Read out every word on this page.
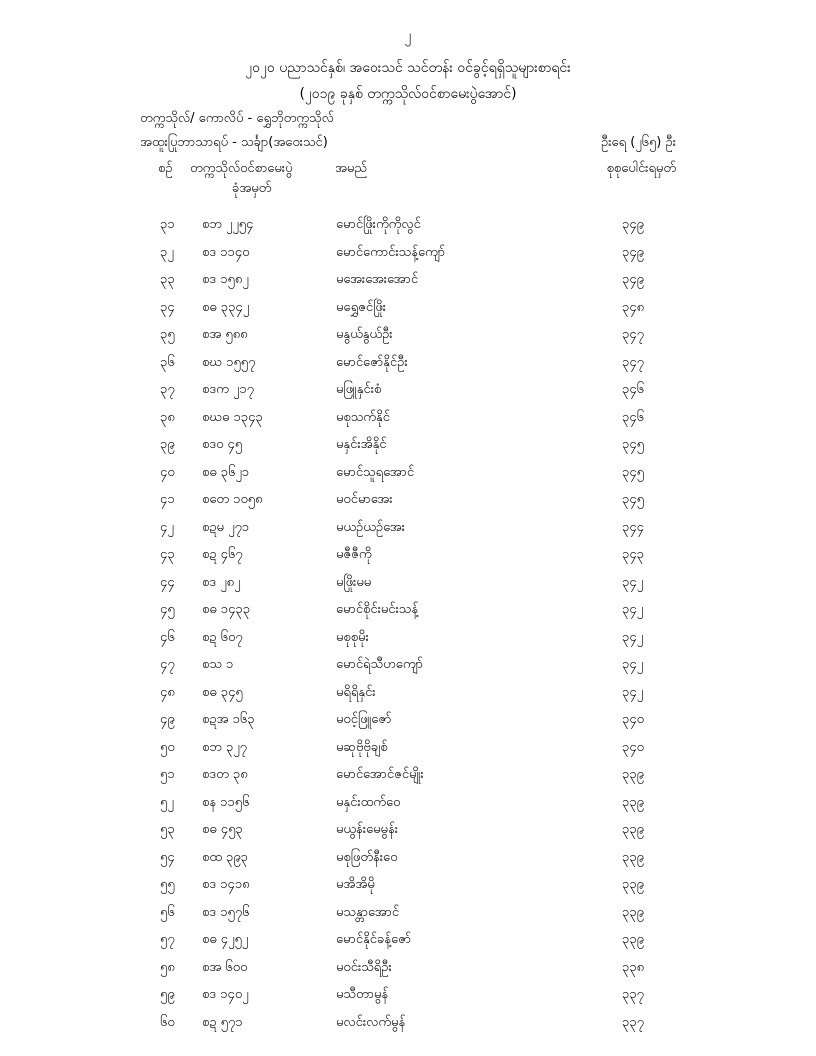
၂
၂၀၂၀ ပညာသင်နှစ်၊ အဝေးသင် သင်တန်း ဝင်ခွင့်ရရှိသူများစာရင်း
(၂၀၁၉ ခုနှစ် တက္ကသိုလ်ဝင်စာမေးပွဲအောင်)
တက္ကသိုလ်/ ကောလိပ် - ရွှေဘိုတက္ကသိုလ်
အထူးပြုဘာသာရပ် - သင်္ချာ(အဝေးသင်)	ဦးရေ (၂၆၅) ဦး
စဉ် တက္ကသိုလ်ဝင်စာမေးပွဲ
ခုံအမှတ်
အမည်	စုစုပေါင်းရမှတ်
၃၁ စဘ ၂၂၅၄	မောင်ဖြိုးကိုကိုလွင်	၃၄၉
၃၂ စဒ ၁၁၄၀	မောင်ကောင်းသန့်ကျော်	၃၄၉
၃၃ စဒ ၁၅၈၂	မအေးအေးအောင်	၃၄၉
၃၄ စဓ ၃၃၄၂	မရွှေဇင်ဖြိုး	၃၄၈
၃၅ စအ ၅၈၈	မနွယ်နွယ်ဦး	၃၄၇
၃၆ စဃ ၁၅၅၇	မောင်ဇော်နိုင်ဦး	၃၄၇
၃၇ စဒက ၂၁၇	မဖြူနှင်းစံ	၃၄၆
၃၈ စဃဓ ၁၃၄၃	မစုသက်နိုင်	၃၄၆
၃၉ စဒဝ ၄၅	မနှင်းအိနိုင်	၃၄၅
၄၀ စဓ ၃၆၂၁	မောင်သူရအောင်	၃၄၅
၄၁ စတေ ၁၀၅၈	မဝင်မာအေး	၃၄၅
၄၂ စဍမ ၂၇၁	မယဉ်ယဉ်အေး	၃၄၄
၄၃ စဍ ၄၆၇	မဇီဇီကို	၃၄၃
၄၄ စဒ ၂၈၂	မဖြိုးမမ	၃၄၂
၄၅ စဓ ၁၄၃၃	မောင်စိုင်းမင်းသန့်	၃၄၂
၄၆ စဍ ၆၀၇	မစုစုမိုး	၃၄၂
၄၇ စသ ၁	မောင်ရဲသီဟကျော်	၃၄၂
၄၈ စဓ ၃၄၅	မရိရိနှင်း	၃၄၂
၄၉ စဍအ ၁၆၃	မဝင့်ဖြူဇော်	၃၄၀
၅၀ စဘ ၃၂၇	မဆုဗိုဗိုချစ်	၃၄၀
၅၁ စဒတ ၃၈	မောင်အောင်ဇင်မျိုး	၃၃၉
၅၂ စန ၁၁၅၆	မနှင်းထက်ဝေ	၃၃၉
၅၃ စဓ ၄၅၃	မယွန်းမေမွန်း	၃၃၉
၅၄ စထ ၃၉၃	မစုဖြတ်နီးဝေ	၃၃၉
၅၅ စဒ ၁၄၁၈	မအိအိမို	၃၃၉
၅၆ စဒ ၁၅၇၆	မသန္တာအောင်	၃၃၉
၅၇ စဓ ၄၂၅၂	မောင်နိုင်ခန့်ဇော်	၃၃၉
၅၈ စအ ၆၀၀	မဝင်းသီရိဦး	၃၃၈
၅၉ စဒ ၁၄၀၂	မသီတာမွန်	၃၃၇
၆၀ စဍ ၅၇၁	မလင်းလက်မွန်	၃၃၇
